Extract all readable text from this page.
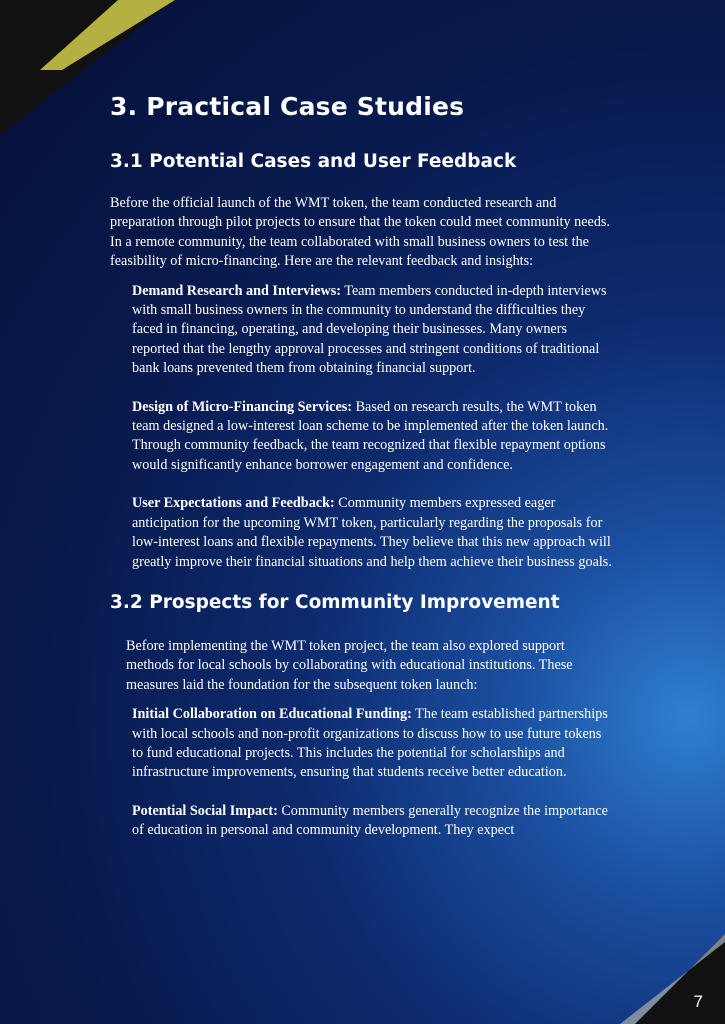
3. Practical Case Studies
3.1 Potential Cases and User Feedback

Before the official launch of the WMT token, the team conducted research and preparation through pilot projects to ensure that the token could meet community needs. In a remote community, the team collaborated with small business owners to test the feasibility of micro-financing. Here are the relevant feedback and insights:

Demand Research and Interviews: Team members conducted in-depth interviews with small business owners in the community to understand the difficulties they faced in financing, operating, and developing their businesses. Many owners reported that the lengthy approval processes and stringent conditions of traditional bank loans prevented them from obtaining financial support.

Design of Micro-Financing Services: Based on research results, the WMT token team designed a low-interest loan scheme to be implemented after the token launch. Through community feedback, the team recognized that flexible repayment options would significantly enhance borrower engagement and confidence.

User Expectations and Feedback: Community members expressed eager anticipation for the upcoming WMT token, particularly regarding the proposals for low-interest loans and flexible repayments. They believe that this new approach will greatly improve their financial situations and help them achieve their business goals.

3.2 Prospects for Community Improvement

Before implementing the WMT token project, the team also explored support methods for local schools by collaborating with educational institutions. These measures laid the foundation for the subsequent token launch:

Initial Collaboration on Educational Funding: The team established partnerships with local schools and non-profit organizations to discuss how to use future tokens to fund educational projects. This includes the potential for scholarships and infrastructure improvements, ensuring that students receive better education.

Potential Social Impact: Community members generally recognize the importance of education in personal and community development. They expect

7
